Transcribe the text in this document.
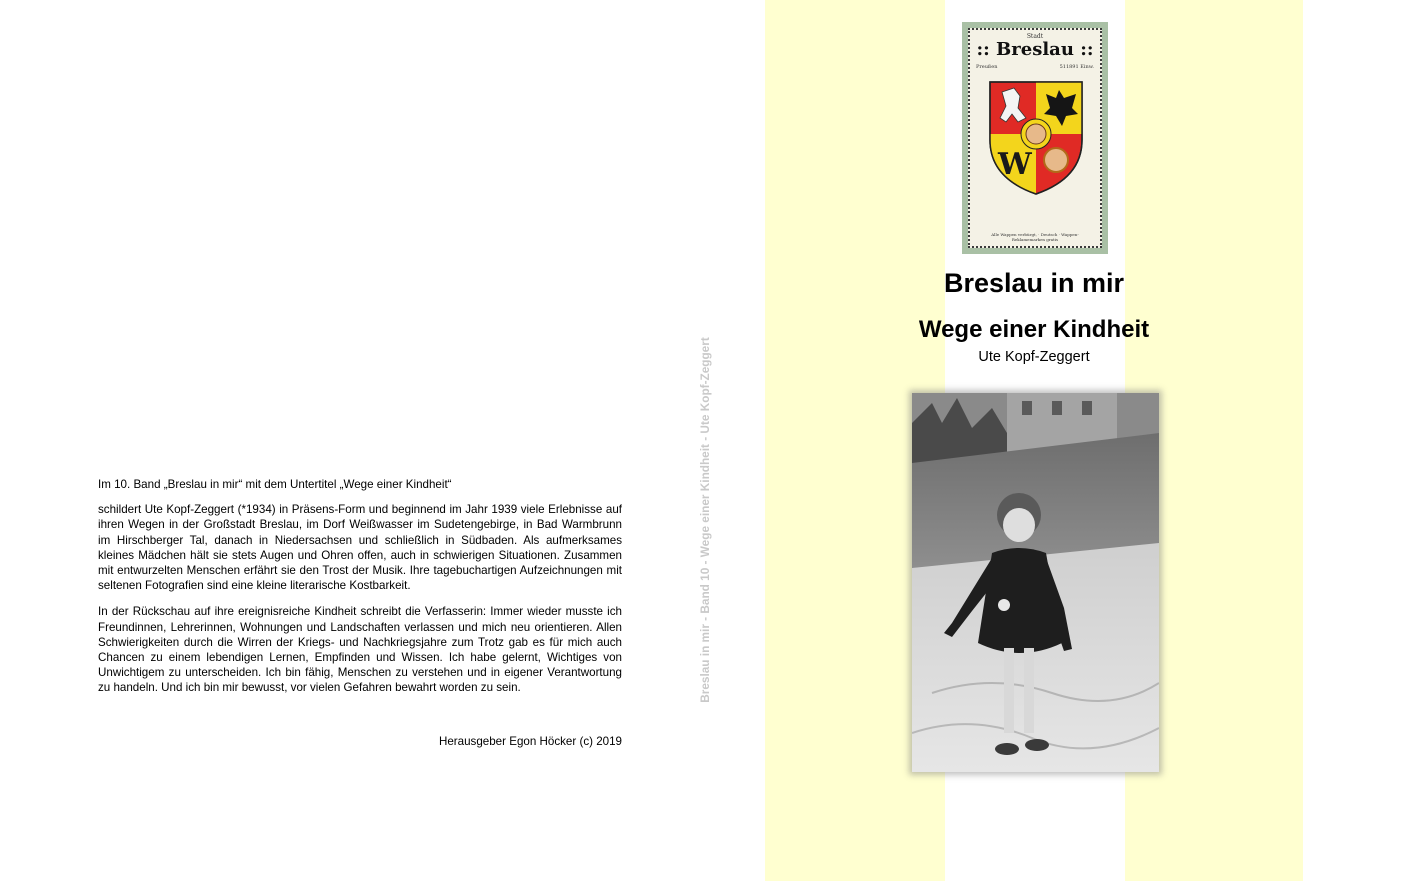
Im 10. Band „Breslau in mir“ mit dem Untertitel „Wege einer Kindheit“

schildert Ute Kopf-Zeggert (*1934) in Präsens-Form und beginnend im Jahr 1939 viele Erlebnisse auf ihren Wegen in der Großstadt Breslau, im Dorf Weißwasser im Sudetengebirge, in Bad Warmbrunn im Hirschberger Tal, danach in Niedersachsen und schließlich in Südbaden. Als aufmerksames kleines Mädchen hält sie stets Augen und Ohren offen, auch in schwierigen Situationen. Zusammen mit entwurzelten Menschen erfährt sie den Trost der Musik. Ihre tagebuchartigen Aufzeichnungen mit seltenen Fotografien sind eine kleine literarische Kostbarkeit.

In der Rückschau auf ihre ereignisreiche Kindheit schreibt die Verfasserin: Immer wieder musste ich Freundinnen, Lehrerinnen, Wohnungen und Landschaften verlassen und mich neu orientieren. Allen Schwierigkeiten durch die Wirren der Kriegs- und Nachkriegsjahre zum Trotz gab es für mich auch Chancen zu einem lebendigen Lernen, Empfinden und Wissen. Ich habe gelernt, Wichtiges von Unwichtigem zu unterscheiden. Ich bin fähig, Menschen zu verstehen und in eigener Verantwortung zu handeln. Und ich bin mir bewusst, vor vielen Gefahren bewahrt worden zu sein.

Herausgeber Egon Höcker (c) 2019

Breslau in mir - Band 10 - Wege einer Kindheit - Ute Kopf-Zeggert
Stadt
:: Breslau ::
Preußen	511891 Einw.
W
Alle Wappen verbürgt, · Deutsch · Wappen-Reklamemarken gratis
Breslau in mir
Wege einer Kindheit
Ute Kopf-Zeggert
